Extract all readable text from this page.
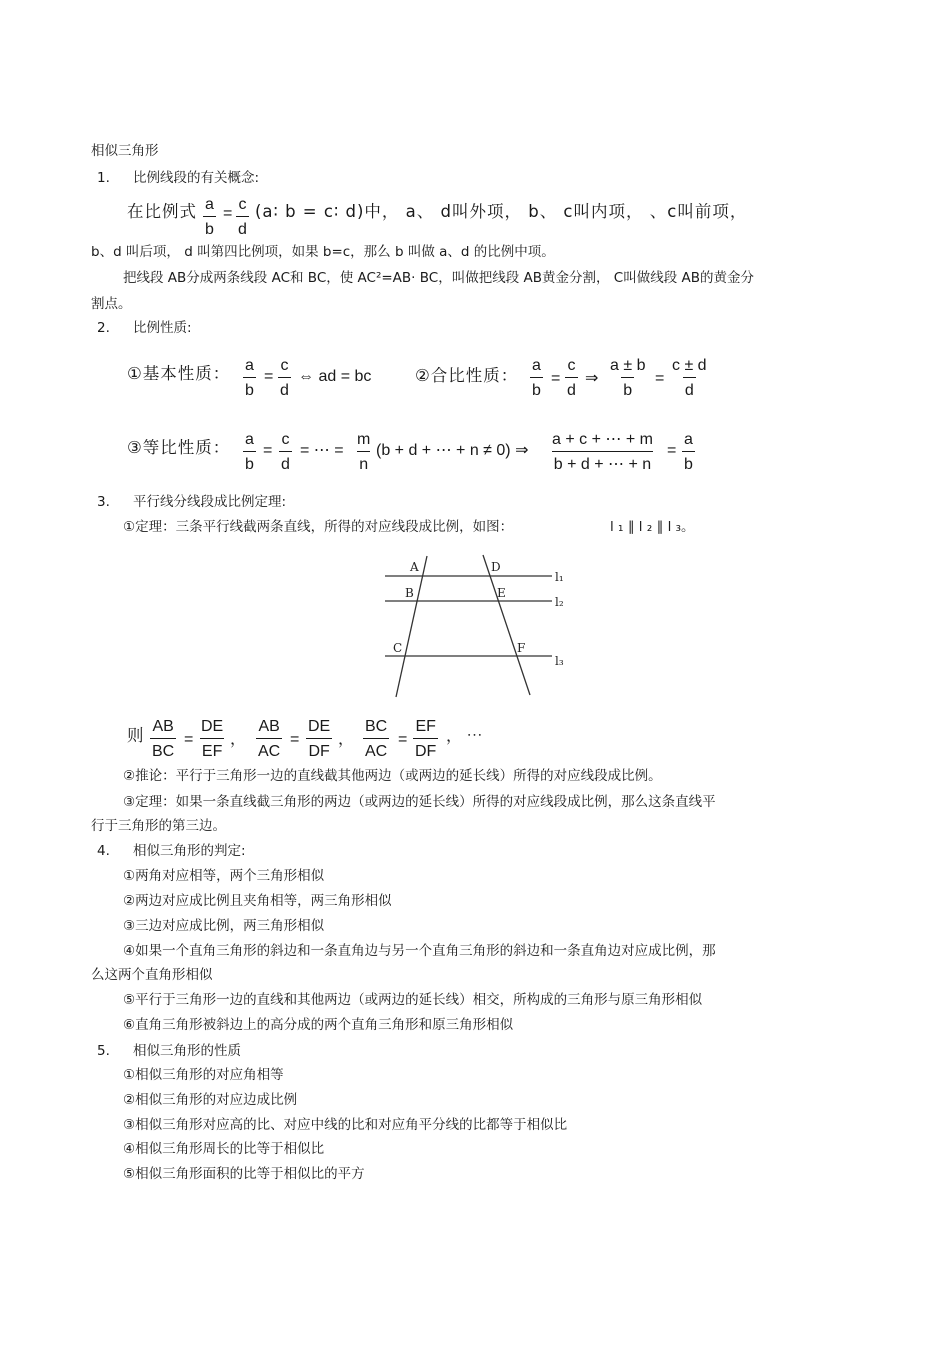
相似三角形
1. 比例线段的有关概念:
在比例式 $\frac{a}{b} = \frac{c}{d}$ (a∶ b = c∶ d)中， a、 d叫外项， b、 c叫内项， 、c叫前项，
b、d 叫后项， d 叫第四比例项，如果 b=c，那么 b 叫做 a、d 的比例中项。
把线段 AB分成两条线段 AC和 BC，使 AC²=AB· BC，叫做把线段 AB黄金分割， C叫做线段 AB的黄金分
割点。
2. 比例性质:
①基本性质： $\frac{a}{b} = \frac{c}{d}$ ⇔ ad = bc	②合比性质： $\frac{a}{b} = \frac{c}{d}$ ⇒ $\frac{a \pm b}{b} = \frac{c \pm d}{d}$
③等比性质： $\frac{a}{b} = \frac{c}{d}$ = ⋯ = $\frac{m}{n} (b + d$ + ⋯ + n ≠ 0) ⇒ $\frac{a + c + \cdots + m}{b + d + \cdots + n} = \frac{a}{b}$
3. 平行线分线段成比例定理:
①定理：三条平行线截两条直线，所得的对应线段成比例，如图：	l ₁ ∥ l ₂ ∥ l ₃。
A
B
C
D
E
F
l₁
l₂
l₃
则 $\frac{AB}{BC} = \frac{DE}{EF}$ ， $\frac{AB}{AC} = \frac{DE}{DF}$ ， $\frac{BC}{AC} = \frac{EF}{DF}$ ， ⋯
②推论：平行于三角形一边的直线截其他两边（或两边的延长线）所得的对应线段成比例。
③定理：如果一条直线截三角形的两边（或两边的延长线）所得的对应线段成比例，那么这条直线平
行于三角形的第三边。
4. 相似三角形的判定:
①两角对应相等，两个三角形相似
②两边对应成比例且夹角相等，两三角形相似
③三边对应成比例，两三角形相似
④如果一个直角三角形的斜边和一条直角边与另一个直角三角形的斜边和一条直角边对应成比例，那
么这两个直角形相似
⑤平行于三角形一边的直线和其他两边（或两边的延长线）相交，所构成的三角形与原三角形相似
⑥直角三角形被斜边上的高分成的两个直角三角形和原三角形相似
5. 相似三角形的性质
①相似三角形的对应角相等
②相似三角形的对应边成比例
③相似三角形对应高的比、对应中线的比和对应角平分线的比都等于相似比
④相似三角形周长的比等于相似比
⑤相似三角形面积的比等于相似比的平方
